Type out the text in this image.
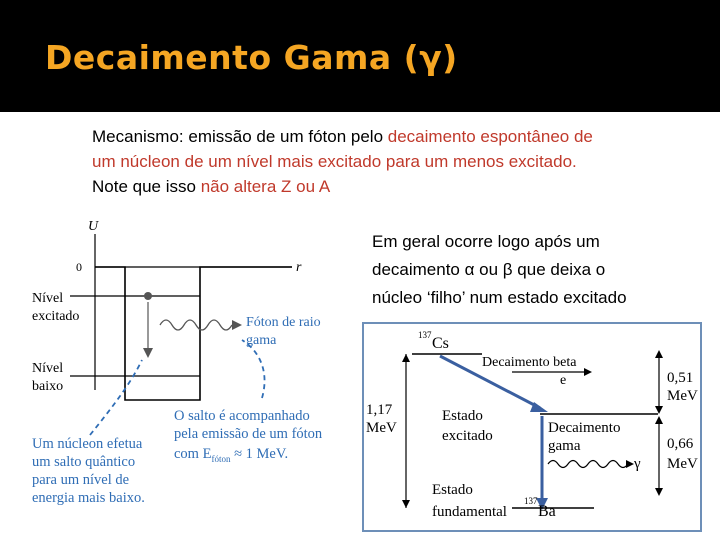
Decaimento Gama (γ)
Mecanismo: emissão de um fóton pelo decaimento espontâneo de
um núcleon de um nível mais excitado para um menos excitado.
Note que isso não altera Z ou A
Em geral ocorre logo após um
decaimento α ou β que deixa o
núcleo ‘filho’ num estado excitado
U
0	r
Nível
excitado
Nível
baixo
Fóton de raio
gama
O salto é acompanhado
pela emissão de um fóton
com $E_{fóton} \approx 1$ MeV.
Um núcleon efetua
um salto quântico
para um nível de
energia mais baixo.
137 Cs
Decaimento beta
e
1,17
MeV
Estado
excitado	Decaimento
gama
γ
Estado
fundamental
137
Ba
0,51
MeV
0,66
MeV
